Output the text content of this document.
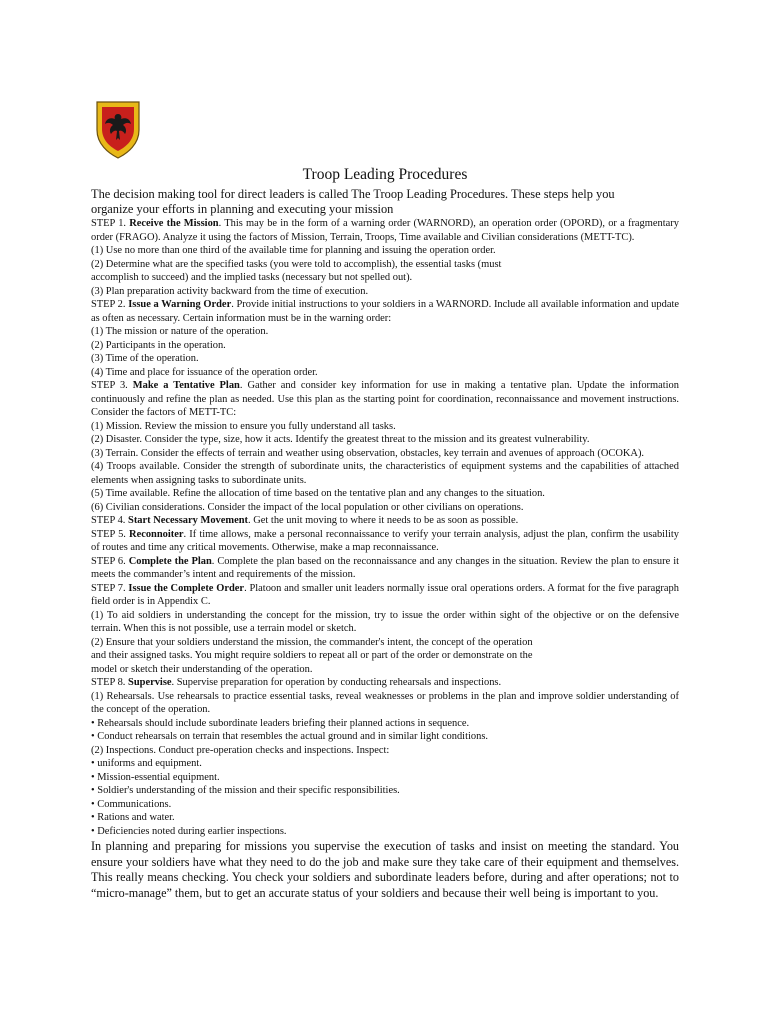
Troop Leading Procedures
The decision making tool for direct leaders is called The Troop Leading Procedures. These steps help you
organize your efforts in planning and executing your mission
STEP 1. Receive the Mission. This may be in the form of a warning order (WARNORD), an operation order (OPORD), or a fragmentary order (FRAGO). Analyze it using the factors of Mission, Terrain, Troops, Time available and Civilian considerations (METT-TC).
(1) Use no more than one third of the available time for planning and issuing the operation order.
(2) Determine what are the specified tasks (you were told to accomplish), the essential tasks (must
accomplish to succeed) and the implied tasks (necessary but not spelled out).
(3) Plan preparation activity backward from the time of execution.
STEP 2. Issue a Warning Order. Provide initial instructions to your soldiers in a WARNORD. Include all available information and update as often as necessary. Certain information must be in the warning order:
(1) The mission or nature of the operation.
(2) Participants in the operation.
(3) Time of the operation.
(4) Time and place for issuance of the operation order.
STEP 3. Make a Tentative Plan. Gather and consider key information for use in making a tentative plan. Update the information continuously and refine the plan as needed. Use this plan as the starting point for coordination, reconnaissance and movement instructions. Consider the factors of METT-TC:
(1) Mission. Review the mission to ensure you fully understand all tasks.
(2) Disaster. Consider the type, size, how it acts. Identify the greatest threat to the mission and its greatest vulnerability.
(3) Terrain. Consider the effects of terrain and weather using observation, obstacles, key terrain and avenues of approach (OCOKA).
(4) Troops available. Consider the strength of subordinate units, the characteristics of equipment systems and the capabilities of attached elements when assigning tasks to subordinate units.
(5) Time available. Refine the allocation of time based on the tentative plan and any changes to the situation.
(6) Civilian considerations. Consider the impact of the local population or other civilians on operations.
STEP 4. Start Necessary Movement. Get the unit moving to where it needs to be as soon as possible.
STEP 5. Reconnoiter. If time allows, make a personal reconnaissance to verify your terrain analysis, adjust the plan, confirm the usability of routes and time any critical movements. Otherwise, make a map reconnaissance.
STEP 6. Complete the Plan. Complete the plan based on the reconnaissance and any changes in the situation. Review the plan to ensure it meets the commander’s intent and requirements of the mission.
STEP 7. Issue the Complete Order. Platoon and smaller unit leaders normally issue oral operations orders. A format for the five paragraph field order is in Appendix C.
(1) To aid soldiers in understanding the concept for the mission, try to issue the order within sight of the objective or on the defensive terrain. When this is not possible, use a terrain model or sketch.
(2) Ensure that your soldiers understand the mission, the commander's intent, the concept of the operation
and their assigned tasks. You might require soldiers to repeat all or part of the order or demonstrate on the
model or sketch their understanding of the operation.
STEP 8. Supervise. Supervise preparation for operation by conducting rehearsals and inspections.
(1) Rehearsals. Use rehearsals to practice essential tasks, reveal weaknesses or problems in the plan and improve soldier understanding of the concept of the operation.
• Rehearsals should include subordinate leaders briefing their planned actions in sequence.
• Conduct rehearsals on terrain that resembles the actual ground and in similar light conditions.
(2) Inspections. Conduct pre-operation checks and inspections. Inspect:
• uniforms and equipment.
• Mission-essential equipment.
• Soldier's understanding of the mission and their specific responsibilities.
• Communications.
• Rations and water.
• Deficiencies noted during earlier inspections.
In planning and preparing for missions you supervise the execution of tasks and insist on meeting the standard. You ensure your soldiers have what they need to do the job and make sure they take care of their equipment and themselves. This really means checking. You check your soldiers and subordinate leaders before, during and after operations; not to “micro-manage” them, but to get an accurate status of your soldiers and because their well being is important to you.
